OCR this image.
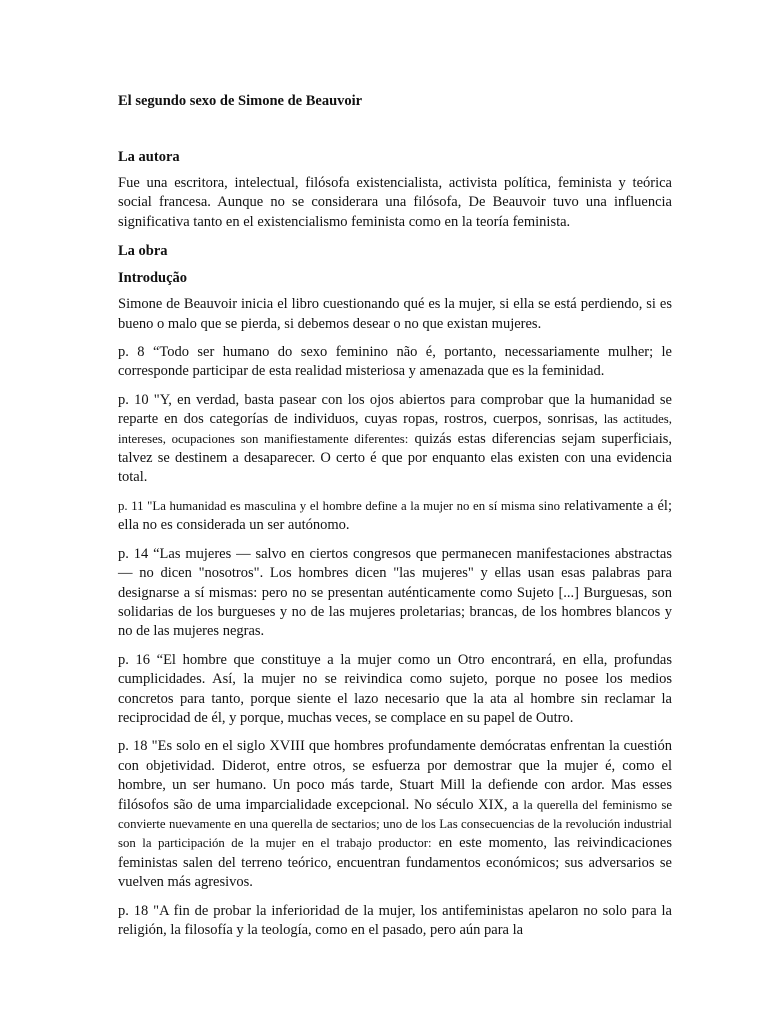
El segundo sexo de Simone de Beauvoir
La autora

Fue una escritora, intelectual, filósofa existencialista, activista política, feminista y teórica social francesa. Aunque no se considerara una filósofa, De Beauvoir tuvo una influencia significativa tanto en el existencialismo feminista como en la teoría feminista.

La obra
Introdução

Simone de Beauvoir inicia el libro cuestionando qué es la mujer, si ella se está perdiendo, si es bueno o malo que se pierda, si debemos desear o no que existan mujeres.

p. 8 “Todo ser humano do sexo feminino não é, portanto, necessariamente mulher; le corresponde participar de esta realidad misteriosa y amenazada que es la feminidad.

p. 10 "Y, en verdad, basta pasear con los ojos abiertos para comprobar que la humanidad se reparte en dos categorías de individuos, cuyas ropas, rostros, cuerpos, sonrisas, las actitudes, intereses, ocupaciones son manifiestamente diferentes: quizás estas diferencias sejam superficiais, talvez se destinem a desaparecer. O certo é que por enquanto elas existen con una evidencia total.

p. 11 "La humanidad es masculina y el hombre define a la mujer no en sí misma sino relativamente a él; ella no es considerada un ser autónomo.

p. 14 “Las mujeres — salvo en ciertos congresos que permanecen manifestaciones abstractas — no dicen "nosotros". Los hombres dicen "las mujeres" y ellas usan esas palabras para designarse a sí mismas: pero no se presentan auténticamente como Sujeto [...] Burguesas, son solidarias de los burgueses y no de las mujeres proletarias; brancas, de los hombres blancos y no de las mujeres negras.

p. 16 “El hombre que constituye a la mujer como un Otro encontrará, en ella, profundas cumplicidades. Así, la mujer no se reivindica como sujeto, porque no posee los medios concretos para tanto, porque siente el lazo necesario que la ata al hombre sin reclamar la reciprocidad de él, y porque, muchas veces, se complace en su papel de Outro.

p. 18 "Es solo en el siglo XVIII que hombres profundamente demócratas enfrentan la cuestión con objetividad. Diderot, entre otros, se esfuerza por demostrar que la mujer é, como el hombre, un ser humano. Un poco más tarde, Stuart Mill la defiende con ardor. Mas esses filósofos são de uma imparcialidade excepcional. No século XIX, a la querella del feminismo se convierte nuevamente en una querella de sectarios; uno de los Las consecuencias de la revolución industrial son la participación de la mujer en el trabajo productor: en este momento, las reivindicaciones feministas salen del terreno teórico, encuentran fundamentos económicos; sus adversarios se vuelven más agresivos.

p. 18 "A fin de probar la inferioridad de la mujer, los antifeministas apelaron no solo para la religión, la filosofía y la teología, como en el pasado, pero aún para la
